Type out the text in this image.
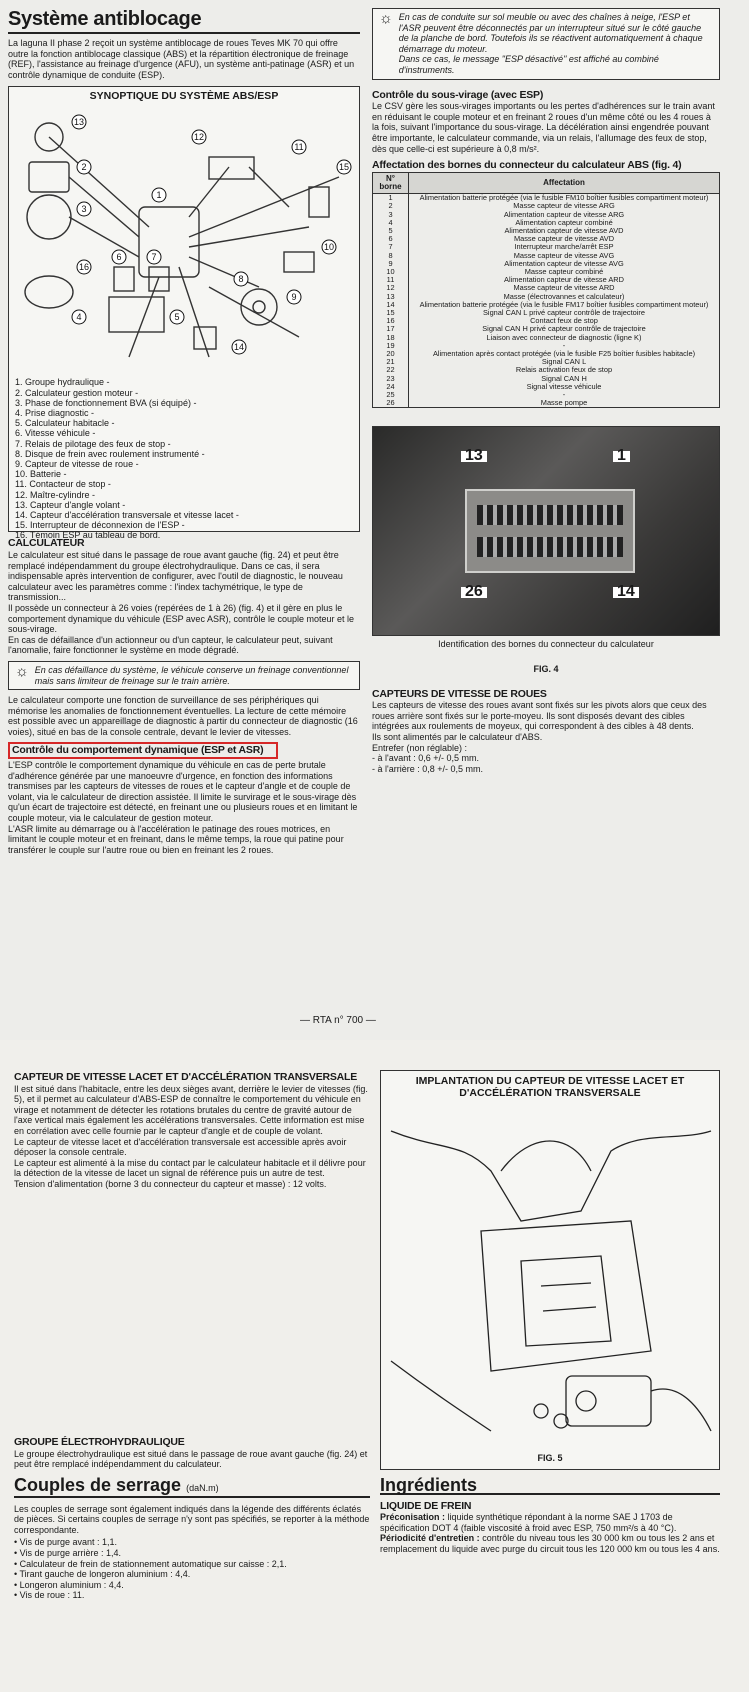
Système antiblocage

La laguna II phase 2 reçoit un système antiblocage de roues Teves MK 70 qui offre outre la fonction antiblocage classique (ABS) et la répartition électronique de freinage (REF), l'assistance au freinage d'urgence (AFU), un système anti-patinage (ASR) et un contrôle dynamique de conduite (ESP).

SYNOPTIQUE DU SYSTÈME ABS/ESP
1
2
3
4	5
6	7
8
9
10
11
12
13
14
15
16
1. Groupe hydraulique -
2. Calculateur gestion moteur -
3. Phase de fonctionnement BVA (si équipé) -
4. Prise diagnostic -
5. Calculateur habitacle -
6. Vitesse véhicule -
7. Relais de pilotage des feux de stop -
8. Disque de frein avec roulement instrumenté -
9. Capteur de vitesse de roue -
10. Batterie -
11. Contacteur de stop -
12. Maître-cylindre -
13. Capteur d'angle volant -
14. Capteur d'accélération transversale et vitesse lacet -
15. Interrupteur de déconnexion de l'ESP -
16. Témoin ESP au tableau de bord.
CALCULATEUR

Le calculateur est situé dans le passage de roue avant gauche (fig. 24) et peut être remplacé indépendamment du groupe électrohydraulique. Dans ce cas, il sera indispensable après intervention de configurer, avec l'outil de diagnostic, le nouveau calculateur avec les paramètres comme : l'index tachymétrique, le type de transmission...

Il possède un connecteur à 26 voies (repérées de 1 à 26) (fig. 4) et il gère en plus le comportement dynamique du véhicule (ESP avec ASR), contrôle le couple moteur et le sous-virage.

En cas de défaillance d'un actionneur ou d'un capteur, le calculateur peut, suivant l'anomalie, faire fonctionner le système en mode dégradé.

☼ En cas défaillance du système, le véhicule conserve un freinage conventionnel mais sans limiteur de freinage sur le train arrière.

Le calculateur comporte une fonction de surveillance de ses périphériques qui mémorise les anomalies de fonctionnement éventuelles. La lecture de cette mémoire est possible avec un appareillage de diagnostic à partir du connecteur de diagnostic (16 voies), situé en bas de la console centrale, devant le levier de vitesses.

Contrôle du comportement dynamique (ESP et ASR)

L'ESP contrôle le comportement dynamique du véhicule en cas de perte brutale d'adhérence générée par une manoeuvre d'urgence, en fonction des informations transmises par les capteurs de vitesses de roues et le capteur d'angle et de couple de volant, via le calculateur de direction assistée. Il limite le survirage et le sous-virage dès qu'un écart de trajectoire est détecté, en freinant une ou plusieurs roues et en limitant le couple moteur, via le calculateur de gestion moteur.

L'ASR limite au démarrage ou à l'accélération le patinage des roues motrices, en limitant le couple moteur et en freinant, dans le même temps, la roue qui patine pour transférer le couple sur l'autre roue ou bien en freinant les 2 roues.

☼ En cas de conduite sur sol meuble ou avec des chaînes à neige, l'ESP et l'ASR peuvent être déconnectés par un interrupteur situé sur le côté gauche de la planche de bord. Toutefois ils se réactivent automatiquement à chaque démarrage du moteur.
Dans ce cas, le message "ESP désactivé" est affiché au combiné d'instruments.
Contrôle du sous-virage (avec ESP)

Le CSV gère les sous-virages importants ou les pertes d'adhérences sur le train avant en réduisant le couple moteur et en freinant 2 roues d'un même côté ou les 4 roues à la fois, suivant l'importance du sous-virage. La décélération ainsi engendrée pouvant être importante, le calculateur commande, via un relais, l'allumage des feux de stop, dès que celle-ci est supérieure à 0,8 m/s².

Affectation des bornes du connecteur du calculateur ABS (fig. 4)
N° borne	Affectation
1	Alimentation batterie protégée (via le fusible FM10 boîtier fusibles compartiment moteur)
2	Masse capteur de vitesse ARG
3	Alimentation capteur de vitesse ARG
4	Alimentation capteur combiné
5	Alimentation capteur de vitesse AVD
6	Masse capteur de vitesse AVD
7	Interrupteur marche/arrêt ESP
8	Masse capteur de vitesse AVG
9	Alimentation capteur de vitesse AVG
10	Masse capteur combiné
11	Alimentation capteur de vitesse ARD
12	Masse capteur de vitesse ARD
13	Masse (électrovannes et calculateur)
14	Alimentation batterie protégée (via le fusible FM17 boîtier fusibles compartiment moteur)
15	Signal CAN L privé capteur contrôle de trajectoire
16	Contact feux de stop
17	Signal CAN H privé capteur contrôle de trajectoire
18	Liaison avec connecteur de diagnostic (ligne K)
19	-
20	Alimentation après contact protégée (via le fusible F25 boîtier fusibles habitacle)
21	Signal CAN L
22	Relais activation feux de stop
23	Signal CAN H
24	Signal vitesse véhicule
25	-
26	Masse pompe
13	1
26	14
Identification des bornes du connecteur du calculateur
FIG. 4
CAPTEURS DE VITESSE DE ROUES

Les capteurs de vitesse des roues avant sont fixés sur les pivots alors que ceux des roues arrière sont fixés sur le porte-moyeu. Ils sont disposés devant des cibles intégrées aux roulements de moyeux, qui correspondent à des cibles à 48 dents.

Ils sont alimentés par le calculateur d'ABS.

Entrefer (non réglable) :

- à l'avant : 0,6 +/- 0,5 mm.

- à l'arrière : 0,8 +/- 0,5 mm.

— RTA n° 700 —
CAPTEUR DE VITESSE LACET ET D'ACCÉLÉRATION TRANSVERSALE

Il est situé dans l'habitacle, entre les deux sièges avant, derrière le levier de vitesses (fig. 5), et il permet au calculateur d'ABS-ESP de connaître le comportement du véhicule en virage et notamment de détecter les rotations brutales du centre de gravité autour de l'axe vertical mais également les accélérations transversales. Cette information est mise en corrélation avec celle fournie par le capteur d'angle et de couple de volant.

Le capteur de vitesse lacet et d'accélération transversale est accessible après avoir déposer la console centrale.

Le capteur est alimenté à la mise du contact par le calculateur habitacle et il délivre pour la détection de la vitesse de lacet un signal de référence puis un autre de test.

Tension d'alimentation (borne 3 du connecteur du capteur et masse) : 12 volts.

GROUPE ÉLECTROHYDRAULIQUE

Le groupe électrohydraulique est situé dans le passage de roue avant gauche (fig. 24) et peut être remplacé indépendamment du calculateur.

IMPLANTATION DU CAPTEUR DE VITESSE LACET ET D'ACCÉLÉRATION TRANSVERSALE
FIG. 5
Couples de serrage (daN.m)

Les couples de serrage sont également indiqués dans la légende des différents éclatés de pièces. Si certains couples de serrage n'y sont pas spécifiés, se reporter à la méthode correspondante.

• Vis de purge avant : 1,1.
• Vis de purge arrière : 1,4.
• Calculateur de frein de stationnement automatique sur caisse : 2,1.
• Tirant gauche de longeron aluminium : 4,4.
• Longeron aluminium : 4,4.
• Vis de roue : 11.
Ingrédients
LIQUIDE DE FREIN

Préconisation : liquide synthétique répondant à la norme SAE J 1703 de spécification DOT 4 (faible viscosité à froid avec ESP, 750 mm²/s à 40 °C).

Périodicité d'entretien : contrôle du niveau tous les 30 000 km ou tous les 2 ans et remplacement du liquide avec purge du circuit tous les 120 000 km ou tous les 4 ans.
